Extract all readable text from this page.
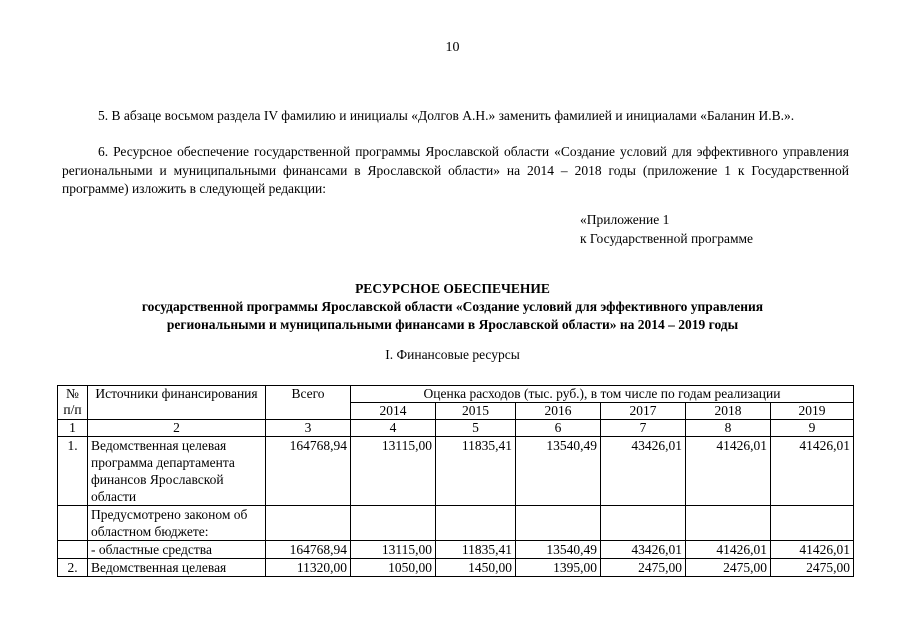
10
5. В абзаце восьмом раздела IV фамилию и инициалы «Долгов А.Н.» заменить фамилией и инициалами «Баланин И.В.».
6. Ресурсное обеспечение государственной программы Ярославской области «Создание условий для эффективного управления региональными и муниципальными финансами в Ярославской области» на 2014 – 2018 годы (приложение 1 к Государственной программе) изложить в следующей редакции:
«Приложение 1
к Государственной программе
РЕСУРСНОЕ ОБЕСПЕЧЕНИЕ
государственной программы Ярославской области «Создание условий для эффективного управления
региональными и муниципальными финансами в Ярославской области» на 2014 – 2019 годы
I. Финансовые ресурсы
№ п/п	Источники финансирования	Всего	Оценка расходов (тыс. руб.), в том числе по годам реализации					
			2014	2015	2016	2017	2018	2019
1	2	3	4	5	6	7	8	9
1.	Ведомственная целевая программа департамента финансов Ярославской области	164768,94	13115,00	11835,41	13540,49	43426,01	41426,01	41426,01
	Предусмотрено законом об областном бюджете:							
	- областные средства	164768,94	13115,00	11835,41	13540,49	43426,01	41426,01	41426,01
2.	Ведомственная целевая	11320,00	1050,00	1450,00	1395,00	2475,00	2475,00	2475,00
